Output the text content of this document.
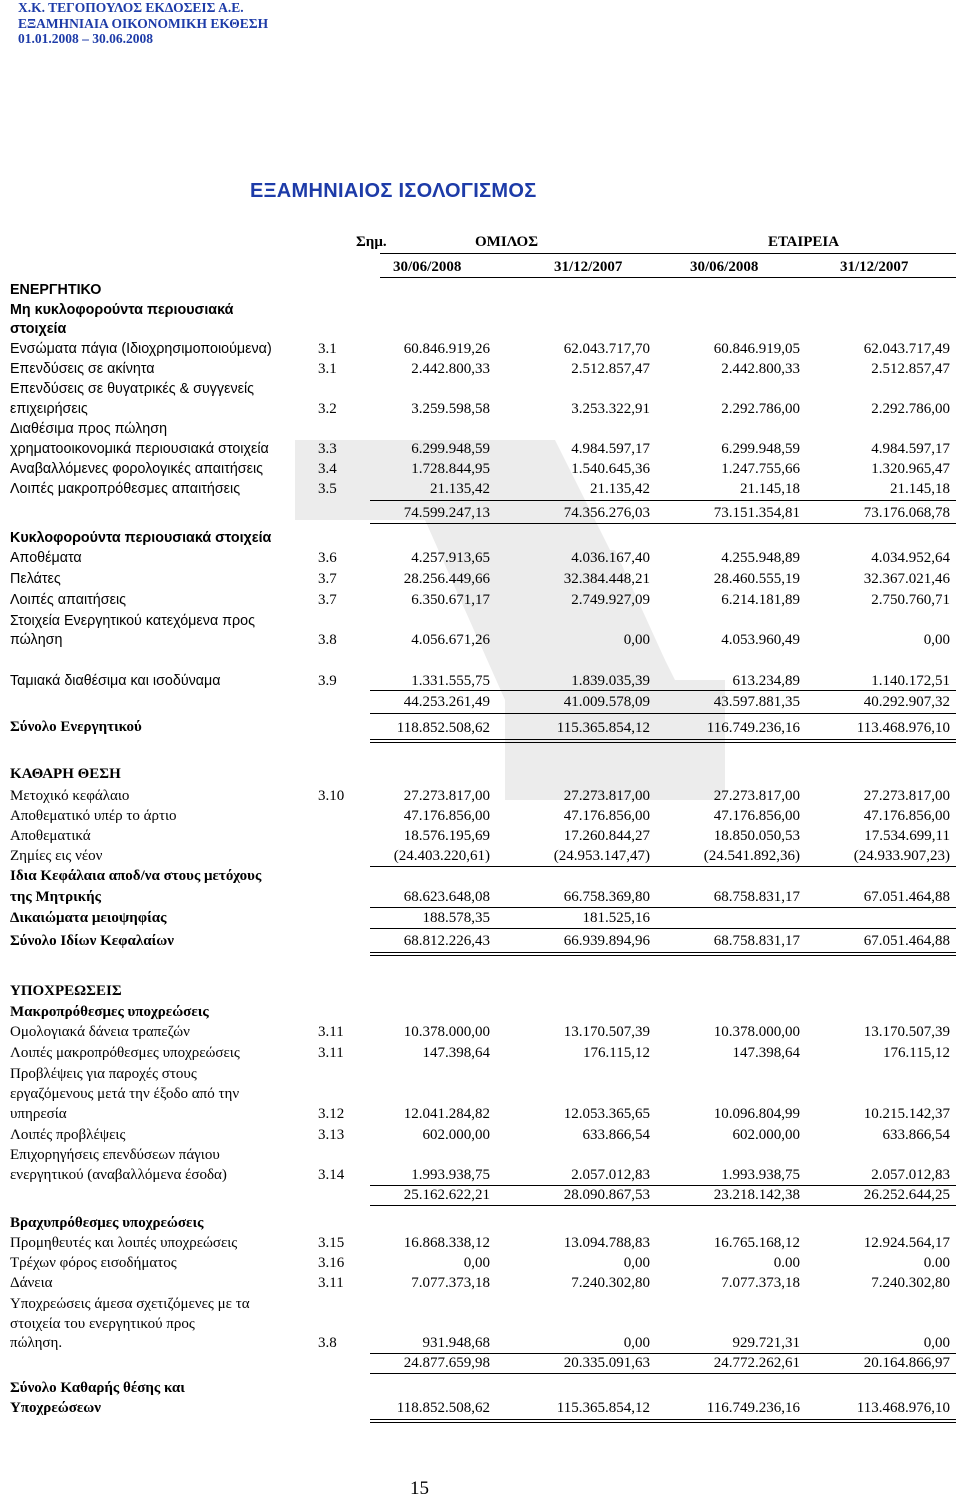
Χ.Κ. ΤΕΓΟΠΟΥΛΟΣ ΕΚΔΟΣΕΙΣ Α.Ε.
ΕΞΑΜΗΝΙΑΙΑ ΟΙΚΟΝΟΜΙΚΗ ΕΚΘΕΣΗ
01.01.2008 – 30.06.2008
ΕΞΑΜΗΝΙΑΙΟΣ ΙΣΟΛΟΓΙΣΜΟΣ
Σημ.	ΟΜΙΛΟΣ	ΕΤΑΙΡΕΙΑ
30/06/2008	31/12/2007	30/06/2008	31/12/2007
ΕΝΕΡΓΗΤΙΚΟ
Μη κυκλοφορούντα περιουσιακά
στοιχεία
Κυκλοφορούντα περιουσιακά στοιχεία
ΚΑΘΑΡΗ ΘΕΣΗ
ΥΠΟΧΡΕΩΣΕΙΣ
Μακροπρόθεσμες υποχρεώσεις
Βραχυπρόθεσμες υποχρεώσεις
Ενσώματα πάγια (Ιδιοχρησιμοποιούμενα)	3.1	60.846.919,26	62.043.717,70	60.846.919,05	62.043.717,49
Επενδύσεις σε ακίνητα	3.1	2.442.800,33	2.512.857,47	2.442.800,33	2.512.857,47
Επενδύσεις σε θυγατρικές & συγγενείς
επιχειρήσεις	3.2	3.259.598,58	3.253.322,91	2.292.786,00	2.292.786,00
Διαθέσιμα προς πώληση
χρηματοοικονομικά περιουσιακά στοιχεία	3.3	6.299.948,59	4.984.597,17	6.299.948,59	4.984.597,17
Αναβαλλόμενες φορολογικές απαιτήσεις	3.4	1.728.844,95	1.540.645,36	1.247.755,66	1.320.965,47
Λοιπές μακροπρόθεσμες απαιτήσεις	3.5	21.135,42	21.135,42	21.145,18	21.145,18
74.599.247,13	74.356.276,03	73.151.354,81	73.176.068,78
Αποθέματα	3.6	4.257.913,65	4.036.167,40	4.255.948,89	4.034.952,64
Πελάτες	3.7	28.256.449,66	32.384.448,21	28.460.555,19	32.367.021,46
Λοιπές απαιτήσεις	3.7	6.350.671,17	2.749.927,09	6.214.181,89	2.750.760,71
Στοιχεία Ενεργητικού κατεχόμενα προς
πώληση	3.8	4.056.671,26	0,00	4.053.960,49	0,00
Ταμιακά διαθέσιμα και ισοδύναμα	3.9	1.331.555,75	1.839.035,39	613.234,89	1.140.172,51
44.253.261,49	41.009.578,09	43.597.881,35	40.292.907,32
Σύνολο Ενεργητικού	118.852.508,62	115.365.854,12	116.749.236,16	113.468.976,10
Μετοχικό κεφάλαιο	3.10	27.273.817,00	27.273.817,00	27.273.817,00	27.273.817,00
Αποθεματικό υπέρ το άρτιο	47.176.856,00	47.176.856,00	47.176.856,00	47.176.856,00
Αποθεματικά	18.576.195,69	17.260.844,27	18.850.050,53	17.534.699,11
Ζημίες εις νέον	(24.403.220,61)	(24.953.147,47)	(24.541.892,36)	(24.933.907,23)
Ιδια Κεφάλαια αποδ/να στους μετόχους
της Μητρικής	68.623.648,08	66.758.369,80	68.758.831,17	67.051.464,88
Δικαιώματα μειοψηφίας	188.578,35	181.525,16
Σύνολο Ιδίων Κεφαλαίων	68.812.226,43	66.939.894,96	68.758.831,17	67.051.464,88
Ομολογιακά δάνεια τραπεζών	3.11	10.378.000,00	13.170.507,39	10.378.000,00	13.170.507,39
Λοιπές μακροπρόθεσμες υποχρεώσεις	3.11	147.398,64	176.115,12	147.398,64	176.115,12
Προβλέψεις για παροχές στους
εργαζόμενους μετά την έξοδο από την
υπηρεσία	3.12	12.041.284,82	12.053.365,65	10.096.804,99	10.215.142,37
Λοιπές προβλέψεις	3.13	602.000,00	633.866,54	602.000,00	633.866,54
Επιχορηγήσεις επενδύσεων πάγιου
ενεργητικού (αναβαλλόμενα έσοδα)	3.14	1.993.938,75	2.057.012,83	1.993.938,75	2.057.012,83
25.162.622,21	28.090.867,53	23.218.142,38	26.252.644,25
Προμηθευτές και λοιπές υποχρεώσεις	3.15	16.868.338,12	13.094.788,83	16.765.168,12	12.924.564,17
Τρέχων φόρος εισοδήματος	3.16	0,00	0,00	0.00	0.00
Δάνεια	3.11	7.077.373,18	7.240.302,80	7.077.373,18	7.240.302,80
Υποχρεώσεις άμεσα σχετιζόμενες με τα
στοιχεία του ενεργητικού προς
πώληση.	3.8	931.948,68	0,00	929.721,31	0,00
24.877.659,98	20.335.091,63	24.772.262,61	20.164.866,97
Σύνολο Καθαρής θέσης και
Υποχρεώσεων	118.852.508,62	115.365.854,12	116.749.236,16	113.468.976,10
15
